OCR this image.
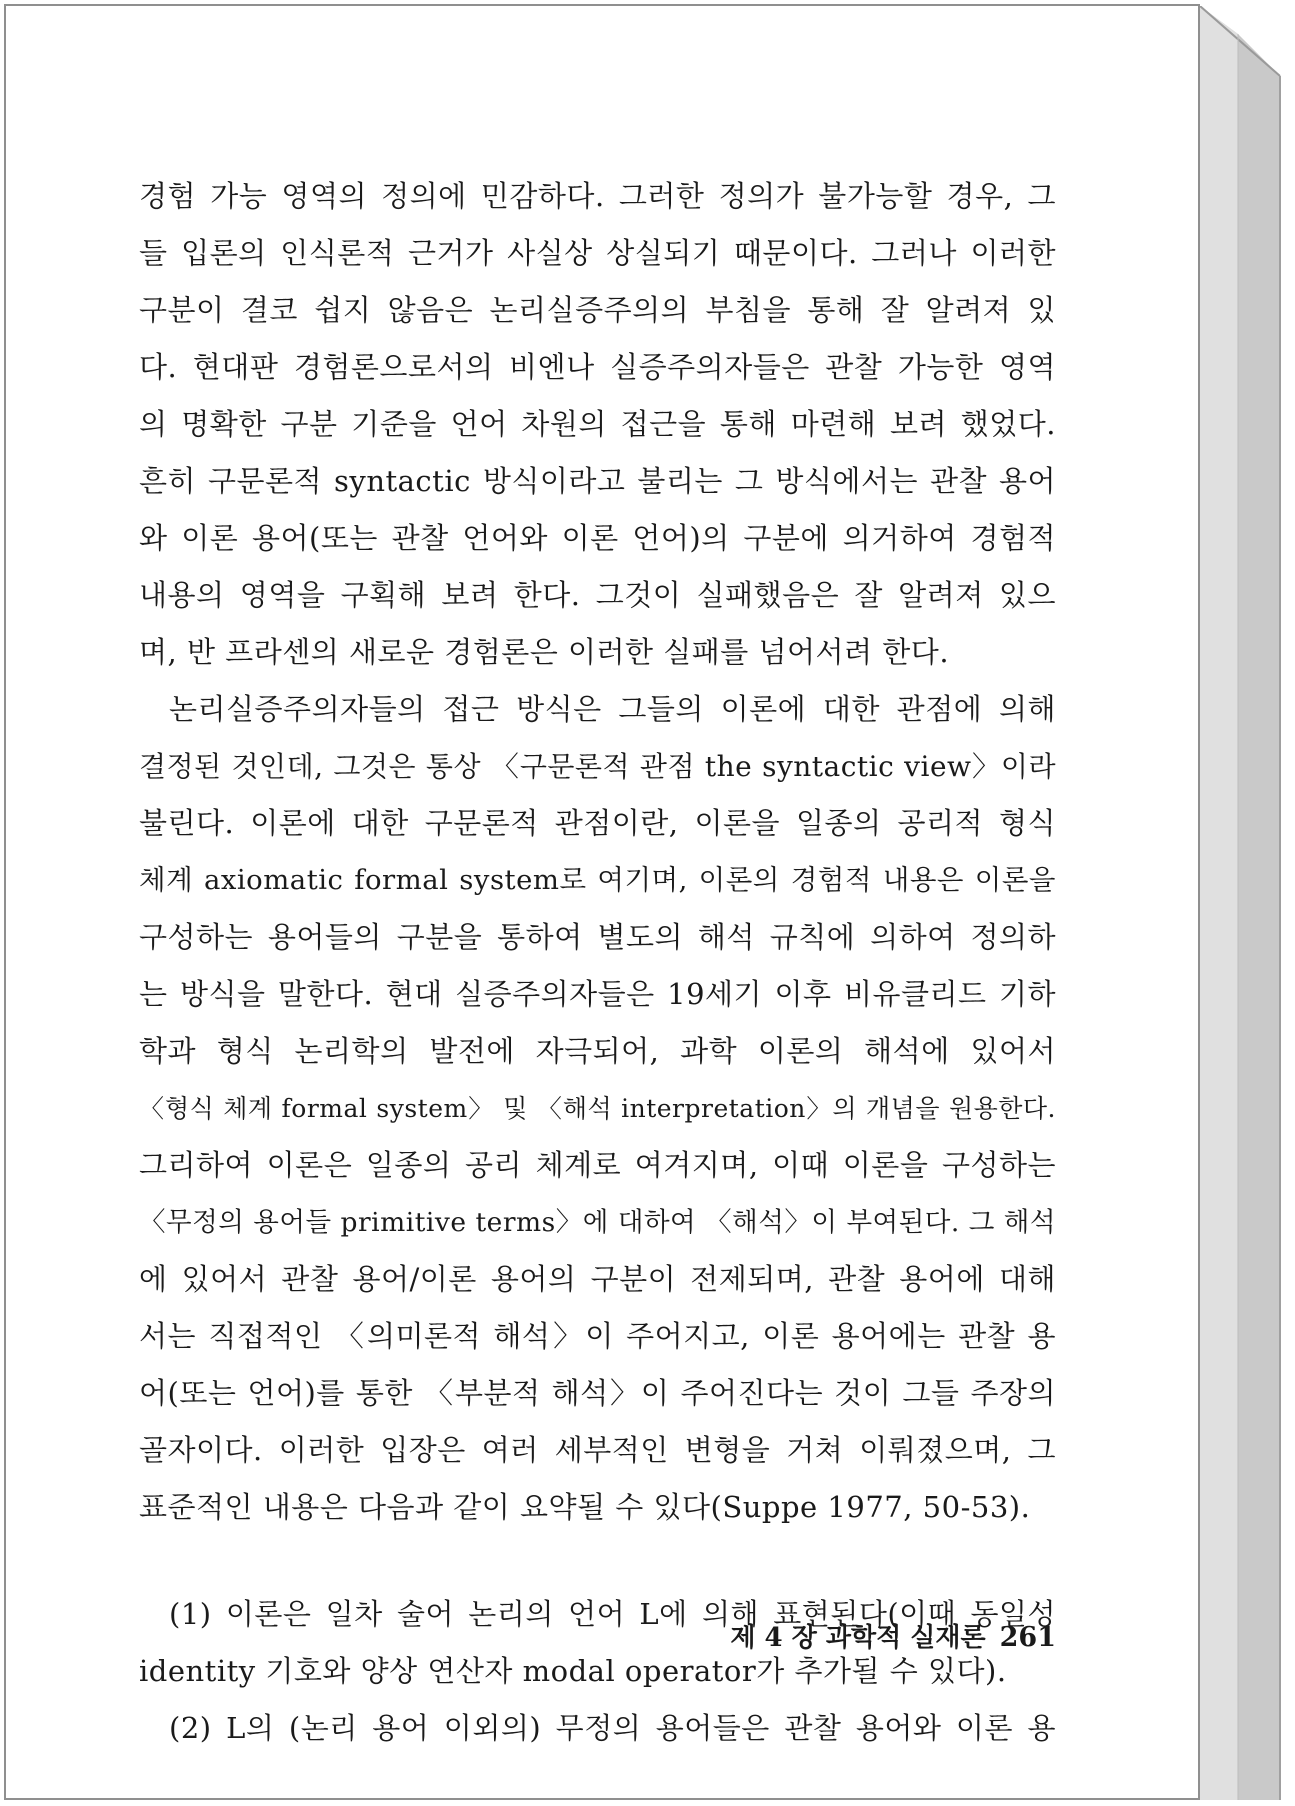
경험 가능 영역의 정의에 민감하다. 그러한 정의가 불가능할 경우, 그
들 입론의 인식론적 근거가 사실상 상실되기 때문이다. 그러나 이러한
구분이 결코 쉽지 않음은 논리실증주의의 부침을 통해 잘 알려져 있
다. 현대판 경험론으로서의 비엔나 실증주의자들은 관찰 가능한 영역
의 명확한 구분 기준을 언어 차원의 접근을 통해 마련해 보려 했었다.
흔히 구문론적 syntactic 방식이라고 불리는 그 방식에서는 관찰 용어
와 이론 용어(또는 관찰 언어와 이론 언어)의 구분에 의거하여 경험적
내용의 영역을 구획해 보려 한다. 그것이 실패했음은 잘 알려져 있으
며, 반 프라센의 새로운 경험론은 이러한 실패를 넘어서려 한다.
논리실증주의자들의 접근 방식은 그들의 이론에 대한 관점에 의해
결정된 것인데, 그것은 통상 〈구문론적 관점 the syntactic view〉이라
불린다. 이론에 대한 구문론적 관점이란, 이론을 일종의 공리적 형식
체계 axiomatic formal system로 여기며, 이론의 경험적 내용은 이론을
구성하는 용어들의 구분을 통하여 별도의 해석 규칙에 의하여 정의하
는 방식을 말한다. 현대 실증주의자들은 19세기 이후 비유클리드 기하
학과 형식 논리학의 발전에 자극되어, 과학 이론의 해석에 있어서
〈형식 체계 formal system〉 및 〈해석 interpretation〉의 개념을 원용한다.
그리하여 이론은 일종의 공리 체계로 여겨지며, 이때 이론을 구성하는
〈무정의 용어들 primitive terms〉에 대하여 〈해석〉이 부여된다. 그 해석
에 있어서 관찰 용어/이론 용어의 구분이 전제되며, 관찰 용어에 대해
서는 직접적인 〈의미론적 해석〉이 주어지고, 이론 용어에는 관찰 용
어(또는 언어)를 통한 〈부분적 해석〉이 주어진다는 것이 그들 주장의
골자이다. 이러한 입장은 여러 세부적인 변형을 거쳐 이뤄졌으며, 그
표준적인 내용은 다음과 같이 요약될 수 있다(Suppe 1977, 50-53).
(1) 이론은 일차 술어 논리의 언어 L에 의해 표현된다(이때 동일성
identity 기호와 양상 연산자 modal operator가 추가될 수 있다).
(2) L의 (논리 용어 이외의) 무정의 용어들은 관찰 용어와 이론 용
제 4 장 과학적 실재론 261
